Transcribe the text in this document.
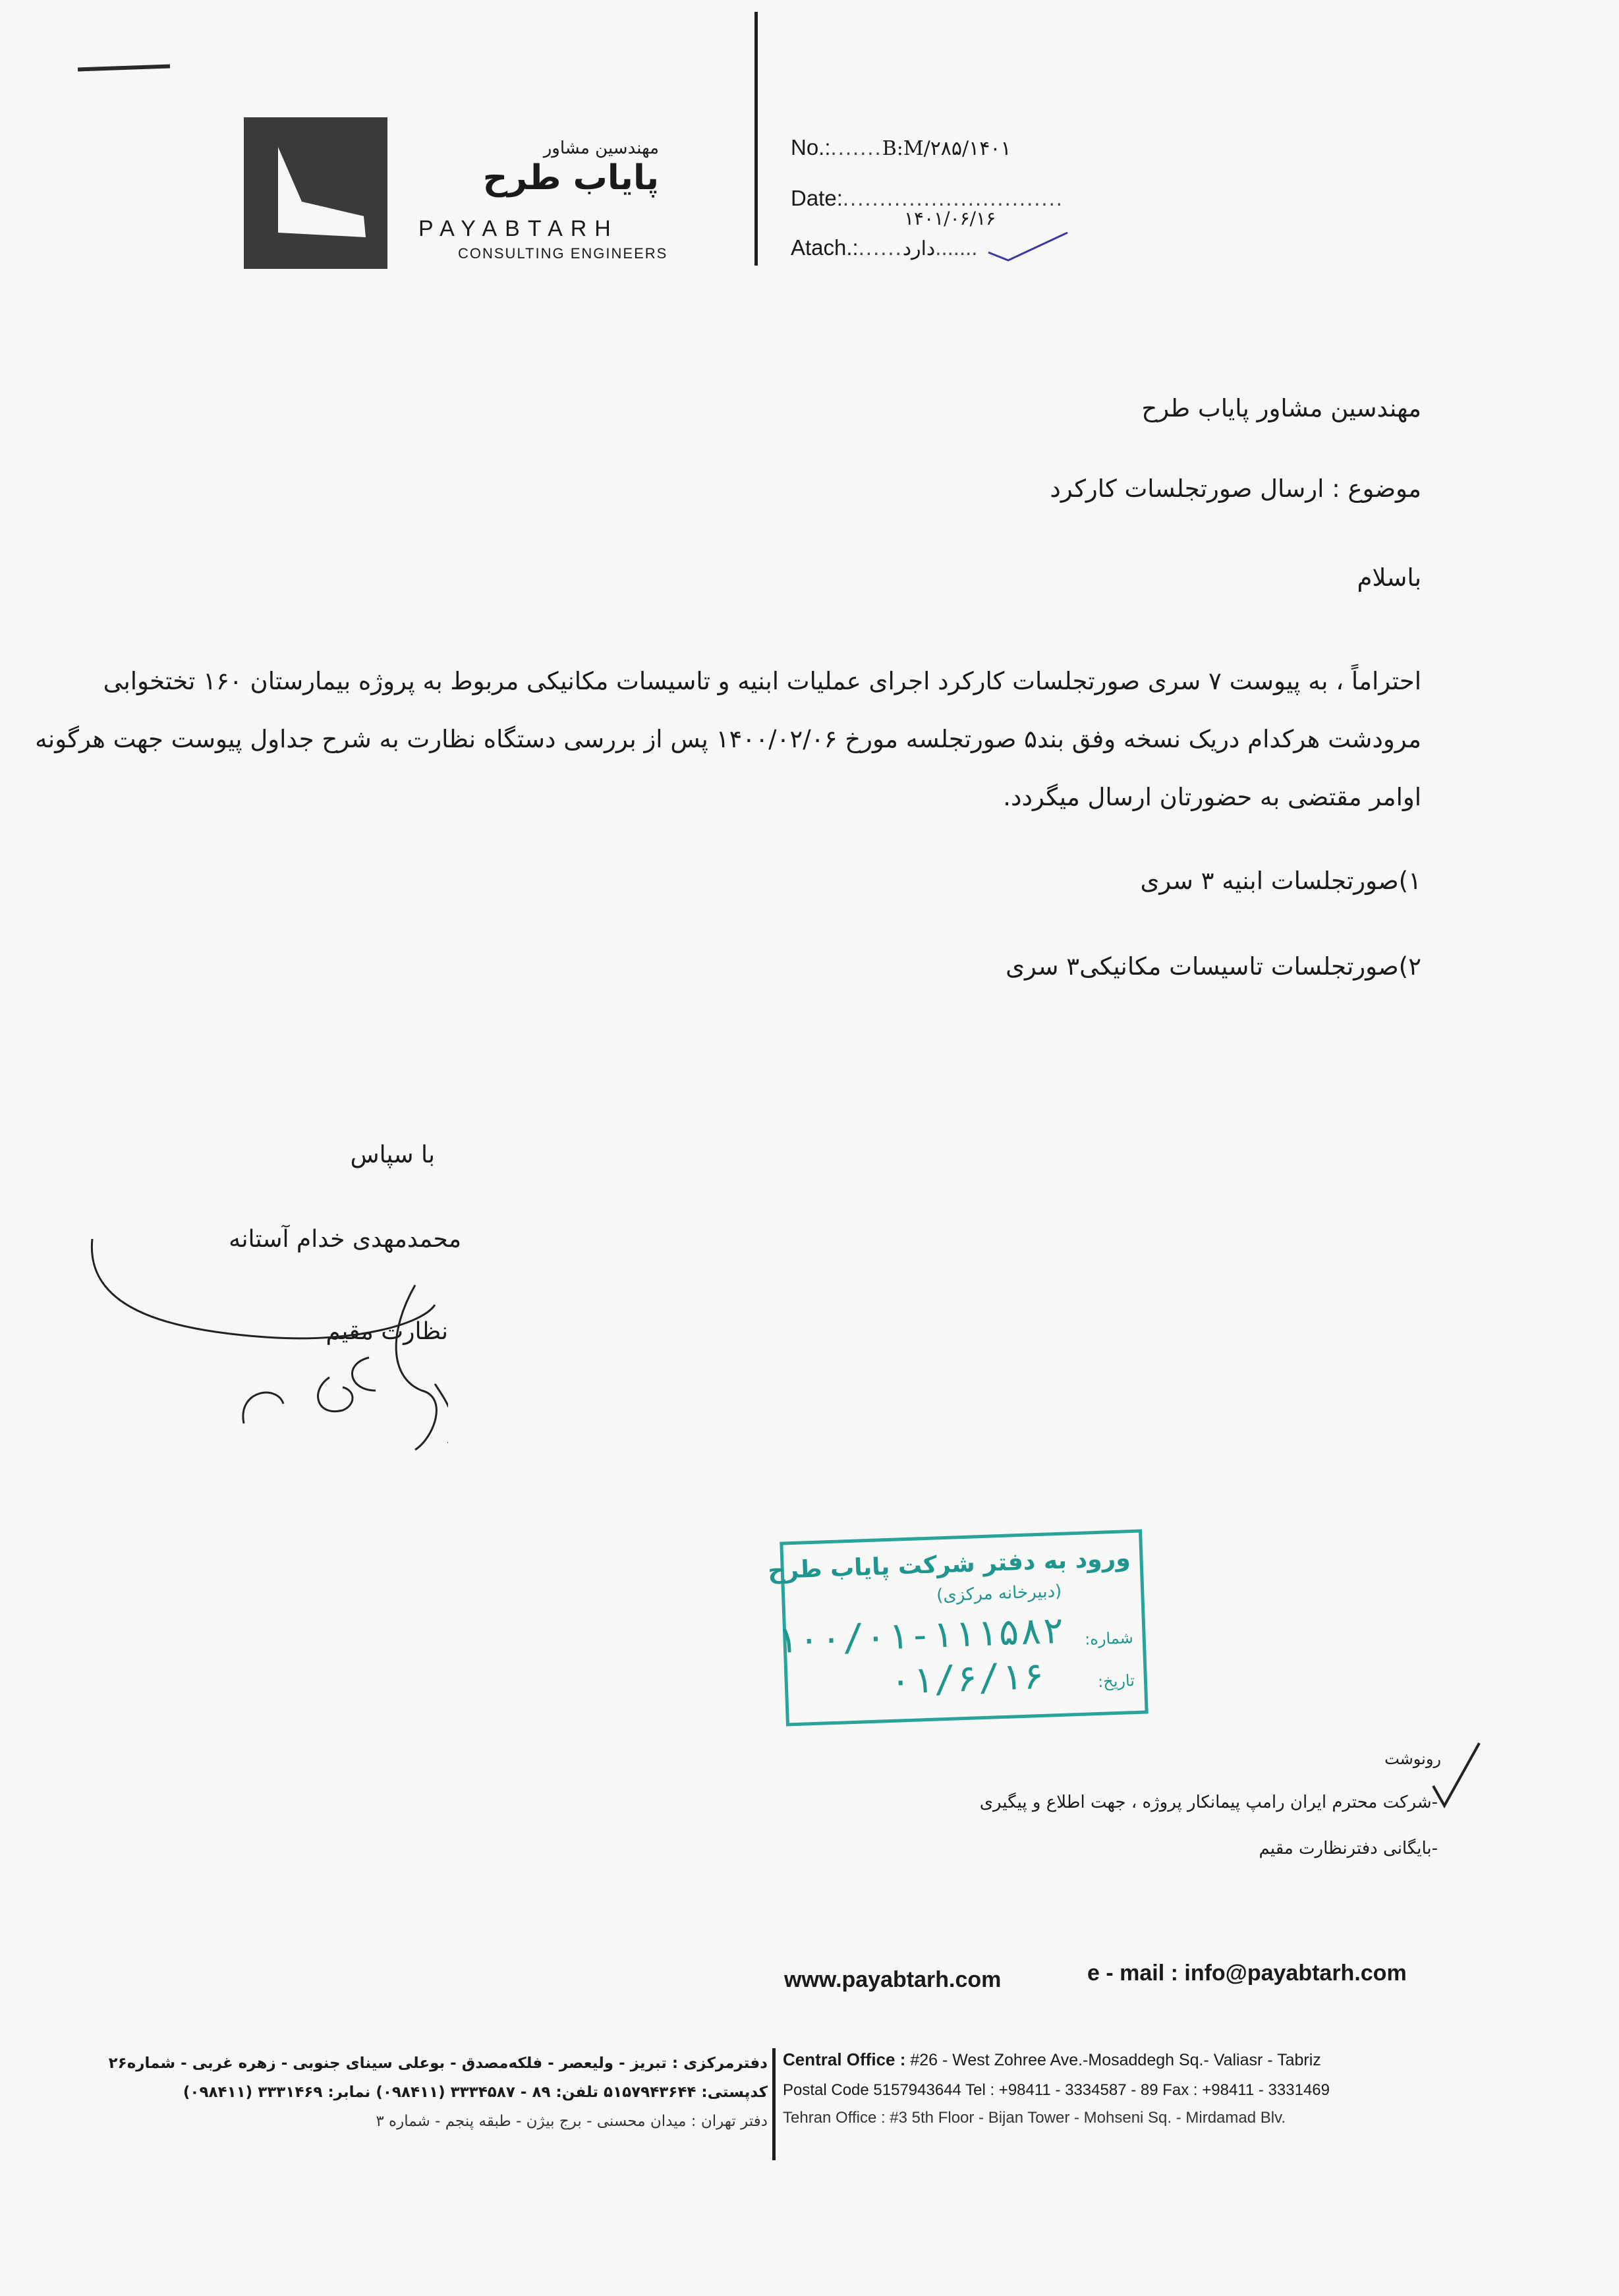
مهندسین مشاور
پایاب طرح
PAYABTARH
CONSULTING ENGINEERS
No.:.......B:M/۲۸۵/۱۴۰۱
Date:..............................
۱۴۰۱/۰۶/۱۶
Atach.:......دارد.......
مهندسین مشاور پایاب طرح
موضوع : ارسال صورتجلسات کارکرد
باسلام
احتراماً ، به پیوست ۷ سری صورتجلسات کارکرد اجرای عملیات ابنیه و تاسیسات مکانیکی مربوط به پروژه بیمارستان ۱۶۰ تختخوابی مرودشت هرکدام دریک نسخه وفق بند۵ صورتجلسه مورخ ۱۴۰۰/۰۲/۰۶ پس از بررسی دستگاه نظارت به شرح جداول پیوست جهت هرگونه اوامر مقتضی به حضورتان ارسال میگردد.
۱)صورتجلسات ابنیه ۳ سری
۲)صورتجلسات تاسیسات مکانیکی۳ سری
با سپاس
محمدمهدی خدام آستانه
نظارت مقیم
ورود به دفتر شرکت پایاب طرح
(دبیرخانه مرکزی)
شماره:
۱۰۰/۰۱-۱۱۱۵۸۲
تاریخ:
۰۱/۶/۱۶
رونوشت
-شرکت محترم ایران رامپ پیمانکار پروژه ، جهت اطلاع و پیگیری
-بایگانی دفترنظارت مقیم
www.payabtarh.com	e - mail : info@payabtarh.com
Central Office : #26 - West Zohree Ave.-Mosaddegh Sq.- Valiasr - Tabriz
Postal Code 5157943644 Tel : +98411 - 3334587 - 89 Fax : +98411 - 3331469
Tehran Office : #3 5th Floor - Bijan Tower - Mohseni Sq. - Mirdamad Blv.
دفترمرکزی : تبریز - ولیعصر - فلکه‌مصدق - بوعلی سینای جنوبی - زهره غربی - شماره۲۶
کدپستی: ۵۱۵۷۹۴۳۶۴۴ تلفن: ۸۹ - ۳۳۳۴۵۸۷ (۰۹۸۴۱۱) نمابر: ۳۳۳۱۴۶۹ (۰۹۸۴۱۱)
دفتر تهران : میدان محسنی - برج بیژن - طبقه پنجم - شماره ۳
